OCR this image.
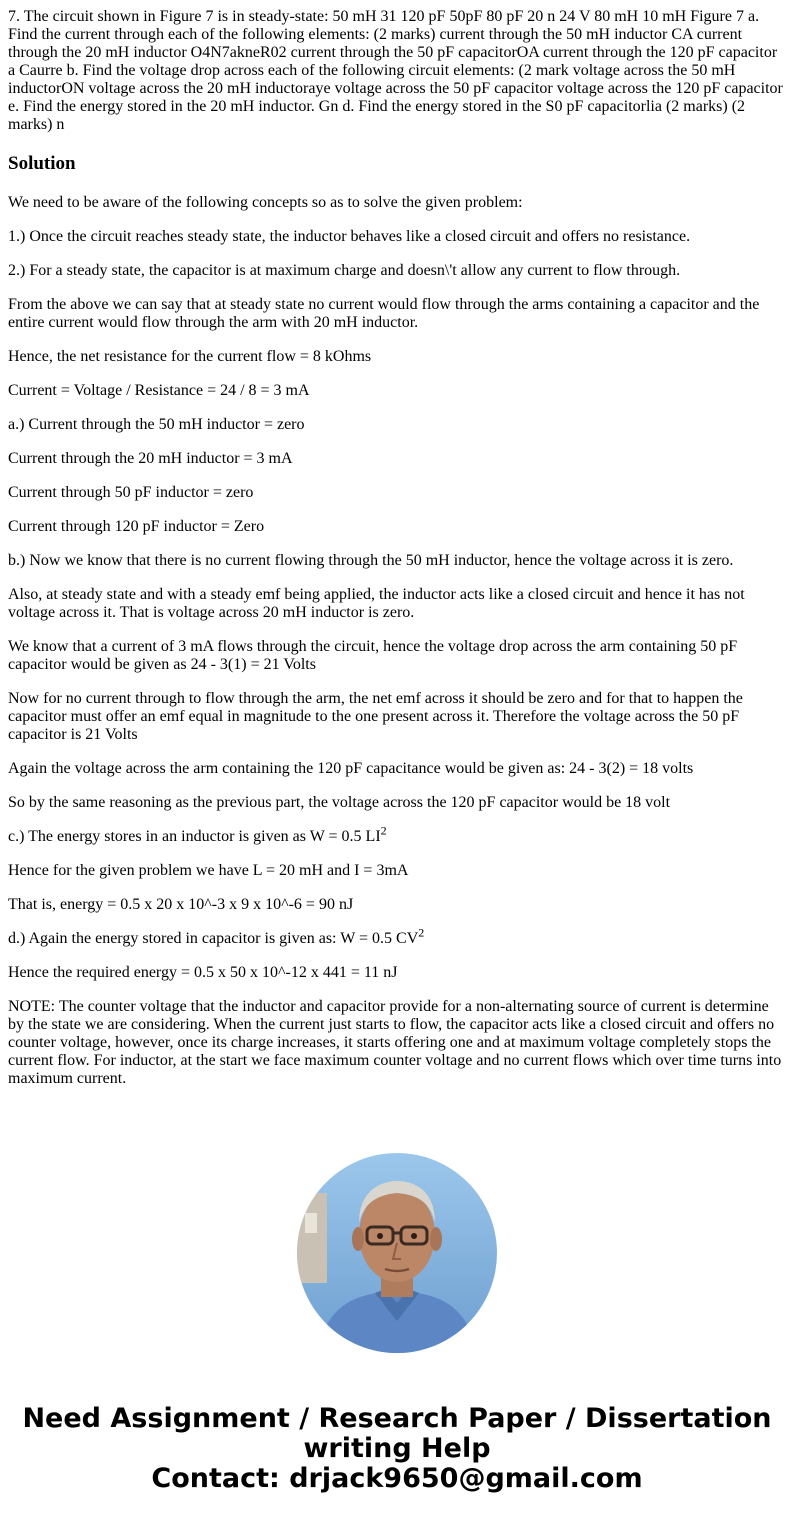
7. The circuit shown in Figure 7 is in steady-state: 50 mH 31 120 pF 50pF 80 pF 20 n 24 V 80 mH 10 mH Figure 7 a. Find the current through each of the following elements: (2 marks) current through the 50 mH inductor CA current through the 20 mH inductor O4N7akneR02 current through the 50 pF capacitorOA current through the 120 pF capacitor a Caurre b. Find the voltage drop across each of the following circuit elements: (2 mark voltage across the 50 mH inductorON voltage across the 20 mH inductoraye voltage across the 50 pF capacitor voltage across the 120 pF capacitor e. Find the energy stored in the 20 mH inductor. Gn d. Find the energy stored in the S0 pF capacitorlia (2 marks) (2 marks) n
Solution

We need to be aware of the following concepts so as to solve the given problem:

1.) Once the circuit reaches steady state, the inductor behaves like a closed circuit and offers no resistance.

2.) For a steady state, the capacitor is at maximum charge and doesn\'t allow any current to flow through.

From the above we can say that at steady state no current would flow through the arms containing a capacitor and the entire current would flow through the arm with 20 mH inductor.

Hence, the net resistance for the current flow = 8 kOhms

Current = Voltage / Resistance = 24 / 8 = 3 mA

a.) Current through the 50 mH inductor = zero

Current through the 20 mH inductor = 3 mA

Current through 50 pF inductor = zero

Current through 120 pF inductor = Zero

b.) Now we know that there is no current flowing through the 50 mH inductor, hence the voltage across it is zero.

Also, at steady state and with a steady emf being applied, the inductor acts like a closed circuit and hence it has not voltage across it. That is voltage across 20 mH inductor is zero.

We know that a current of 3 mA flows through the circuit, hence the voltage drop across the arm containing 50 pF capacitor would be given as 24 - 3(1) = 21 Volts

Now for no current through to flow through the arm, the net emf across it should be zero and for that to happen the capacitor must offer an emf equal in magnitude to the one present across it. Therefore the voltage across the 50 pF capacitor is 21 Volts

Again the voltage across the arm containing the 120 pF capacitance would be given as: 24 - 3(2) = 18 volts

So by the same reasoning as the previous part, the voltage across the 120 pF capacitor would be 18 volt

c.) The energy stores in an inductor is given as W = 0.5 $LI^2$

Hence for the given problem we have L = 20 mH and I = 3mA

That is, energy = 0.5 x 20 x 10^-3 x 9 x 10^-6 = 90 nJ

d.) Again the energy stored in capacitor is given as: W = 0.5 $CV^2$

Hence the required energy = 0.5 x 50 x 10^-12 x 441 = 11 nJ

NOTE: The counter voltage that the inductor and capacitor provide for a non-alternating source of current is determine by the state we are considering. When the current just starts to flow, the capacitor acts like a closed circuit and offers no counter voltage, however, once its charge increases, it starts offering one and at maximum voltage completely stops the current flow. For inductor, at the start we face maximum counter voltage and no current flows which over time turns into maximum current.

Need Assignment / Research Paper / Dissertation
writing Help
Contact: drjack9650@gmail.com
